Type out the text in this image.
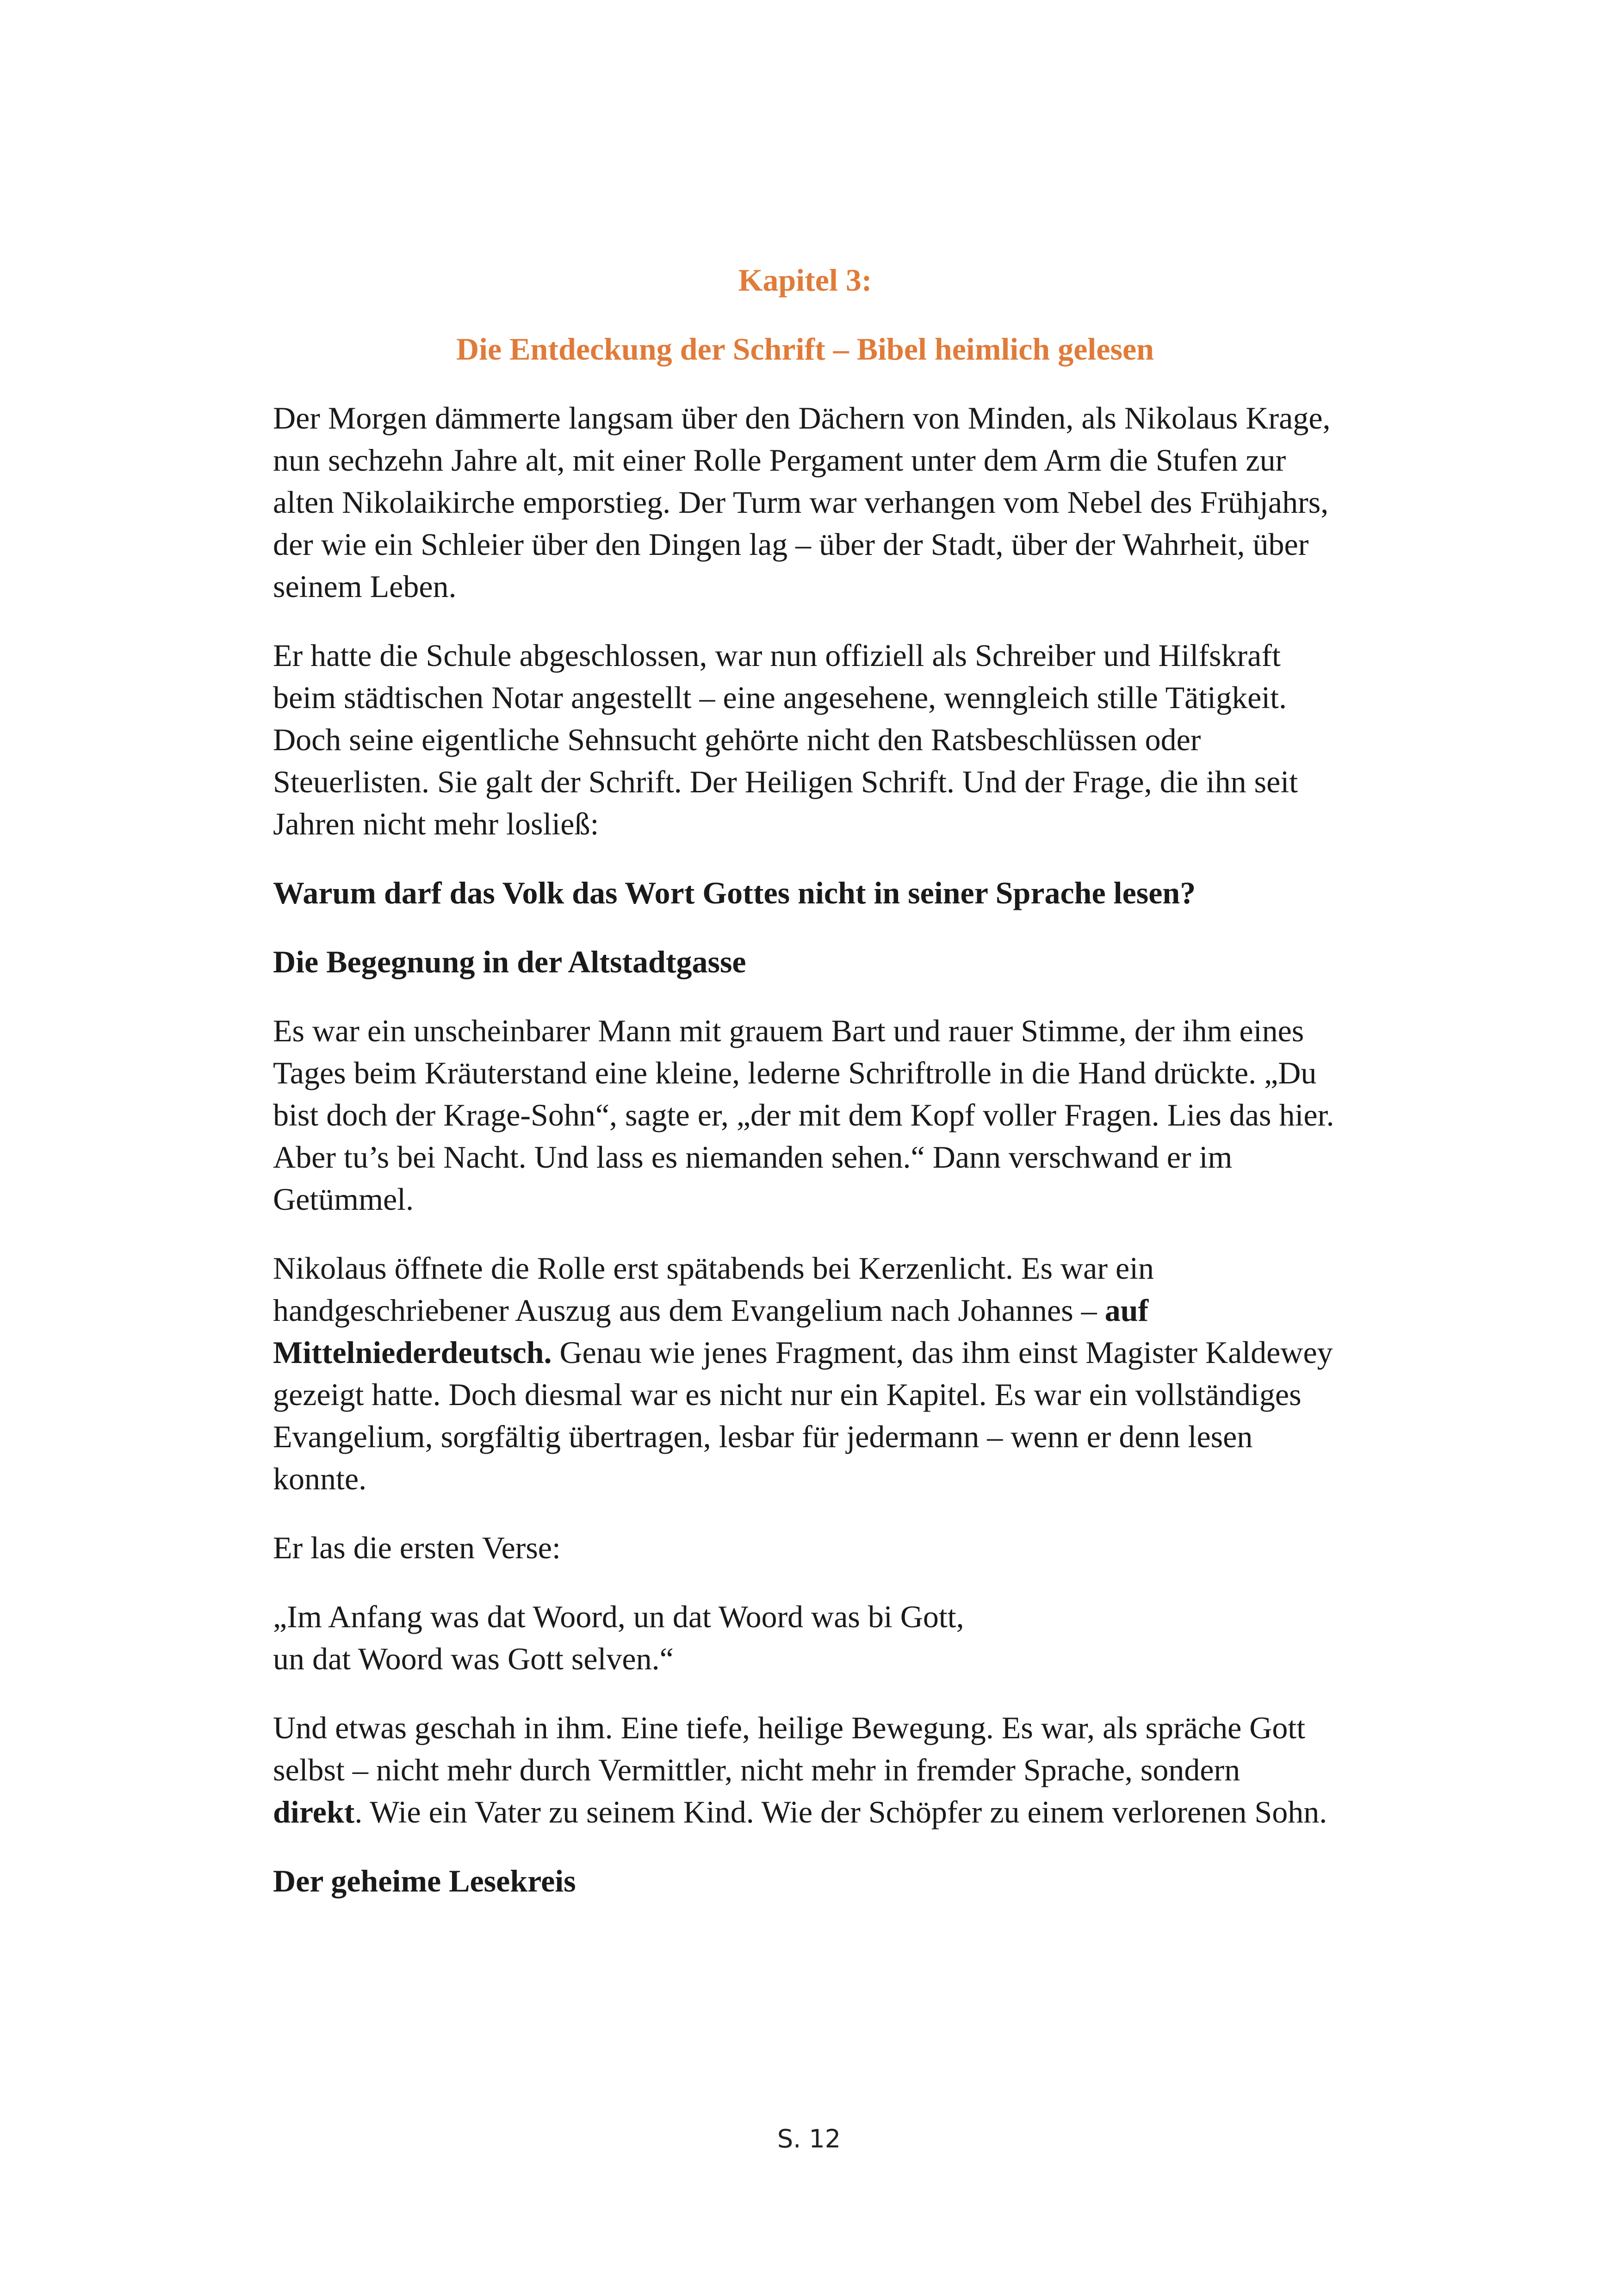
Kapitel 3:
Die Entdeckung der Schrift – Bibel heimlich gelesen

Der Morgen dämmerte langsam über den Dächern von Minden, als Nikolaus Krage, nun sechzehn Jahre alt, mit einer Rolle Pergament unter dem Arm die Stufen zur alten Nikolaikirche emporstieg. Der Turm war verhangen vom Nebel des Frühjahrs, der wie ein Schleier über den Dingen lag – über der Stadt, über der Wahrheit, über seinem Leben.

Er hatte die Schule abgeschlossen, war nun offiziell als Schreiber und Hilfskraft beim städtischen Notar angestellt – eine angesehene, wenngleich stille Tätigkeit. Doch seine eigentliche Sehnsucht gehörte nicht den Ratsbeschlüssen oder Steuerlisten. Sie galt der Schrift. Der Heiligen Schrift. Und der Frage, die ihn seit Jahren nicht mehr losließ:

Warum darf das Volk das Wort Gottes nicht in seiner Sprache lesen?
Die Begegnung in der Altstadtgasse

Es war ein unscheinbarer Mann mit grauem Bart und rauer Stimme, der ihm eines Tages beim Kräuterstand eine kleine, lederne Schriftrolle in die Hand drückte. „Du bist doch der Krage-Sohn“, sagte er, „der mit dem Kopf voller Fragen. Lies das hier. Aber tu’s bei Nacht. Und lass es niemanden sehen.“ Dann verschwand er im Getümmel.

Nikolaus öffnete die Rolle erst spätabends bei Kerzenlicht. Es war ein handgeschriebener Auszug aus dem Evangelium nach Johannes – auf Mittelniederdeutsch. Genau wie jenes Fragment, das ihm einst Magister Kaldewey gezeigt hatte. Doch diesmal war es nicht nur ein Kapitel. Es war ein vollständiges Evangelium, sorgfältig übertragen, lesbar für jedermann – wenn er denn lesen konnte.

Er las die ersten Verse:

„Im Anfang was dat Woord, un dat Woord was bi Gott,
un dat Woord was Gott selven.“

Und etwas geschah in ihm. Eine tiefe, heilige Bewegung. Es war, als spräche Gott selbst – nicht mehr durch Vermittler, nicht mehr in fremder Sprache, sondern direkt. Wie ein Vater zu seinem Kind. Wie der Schöpfer zu einem verlorenen Sohn.

Der geheime Lesekreis
S. 12
